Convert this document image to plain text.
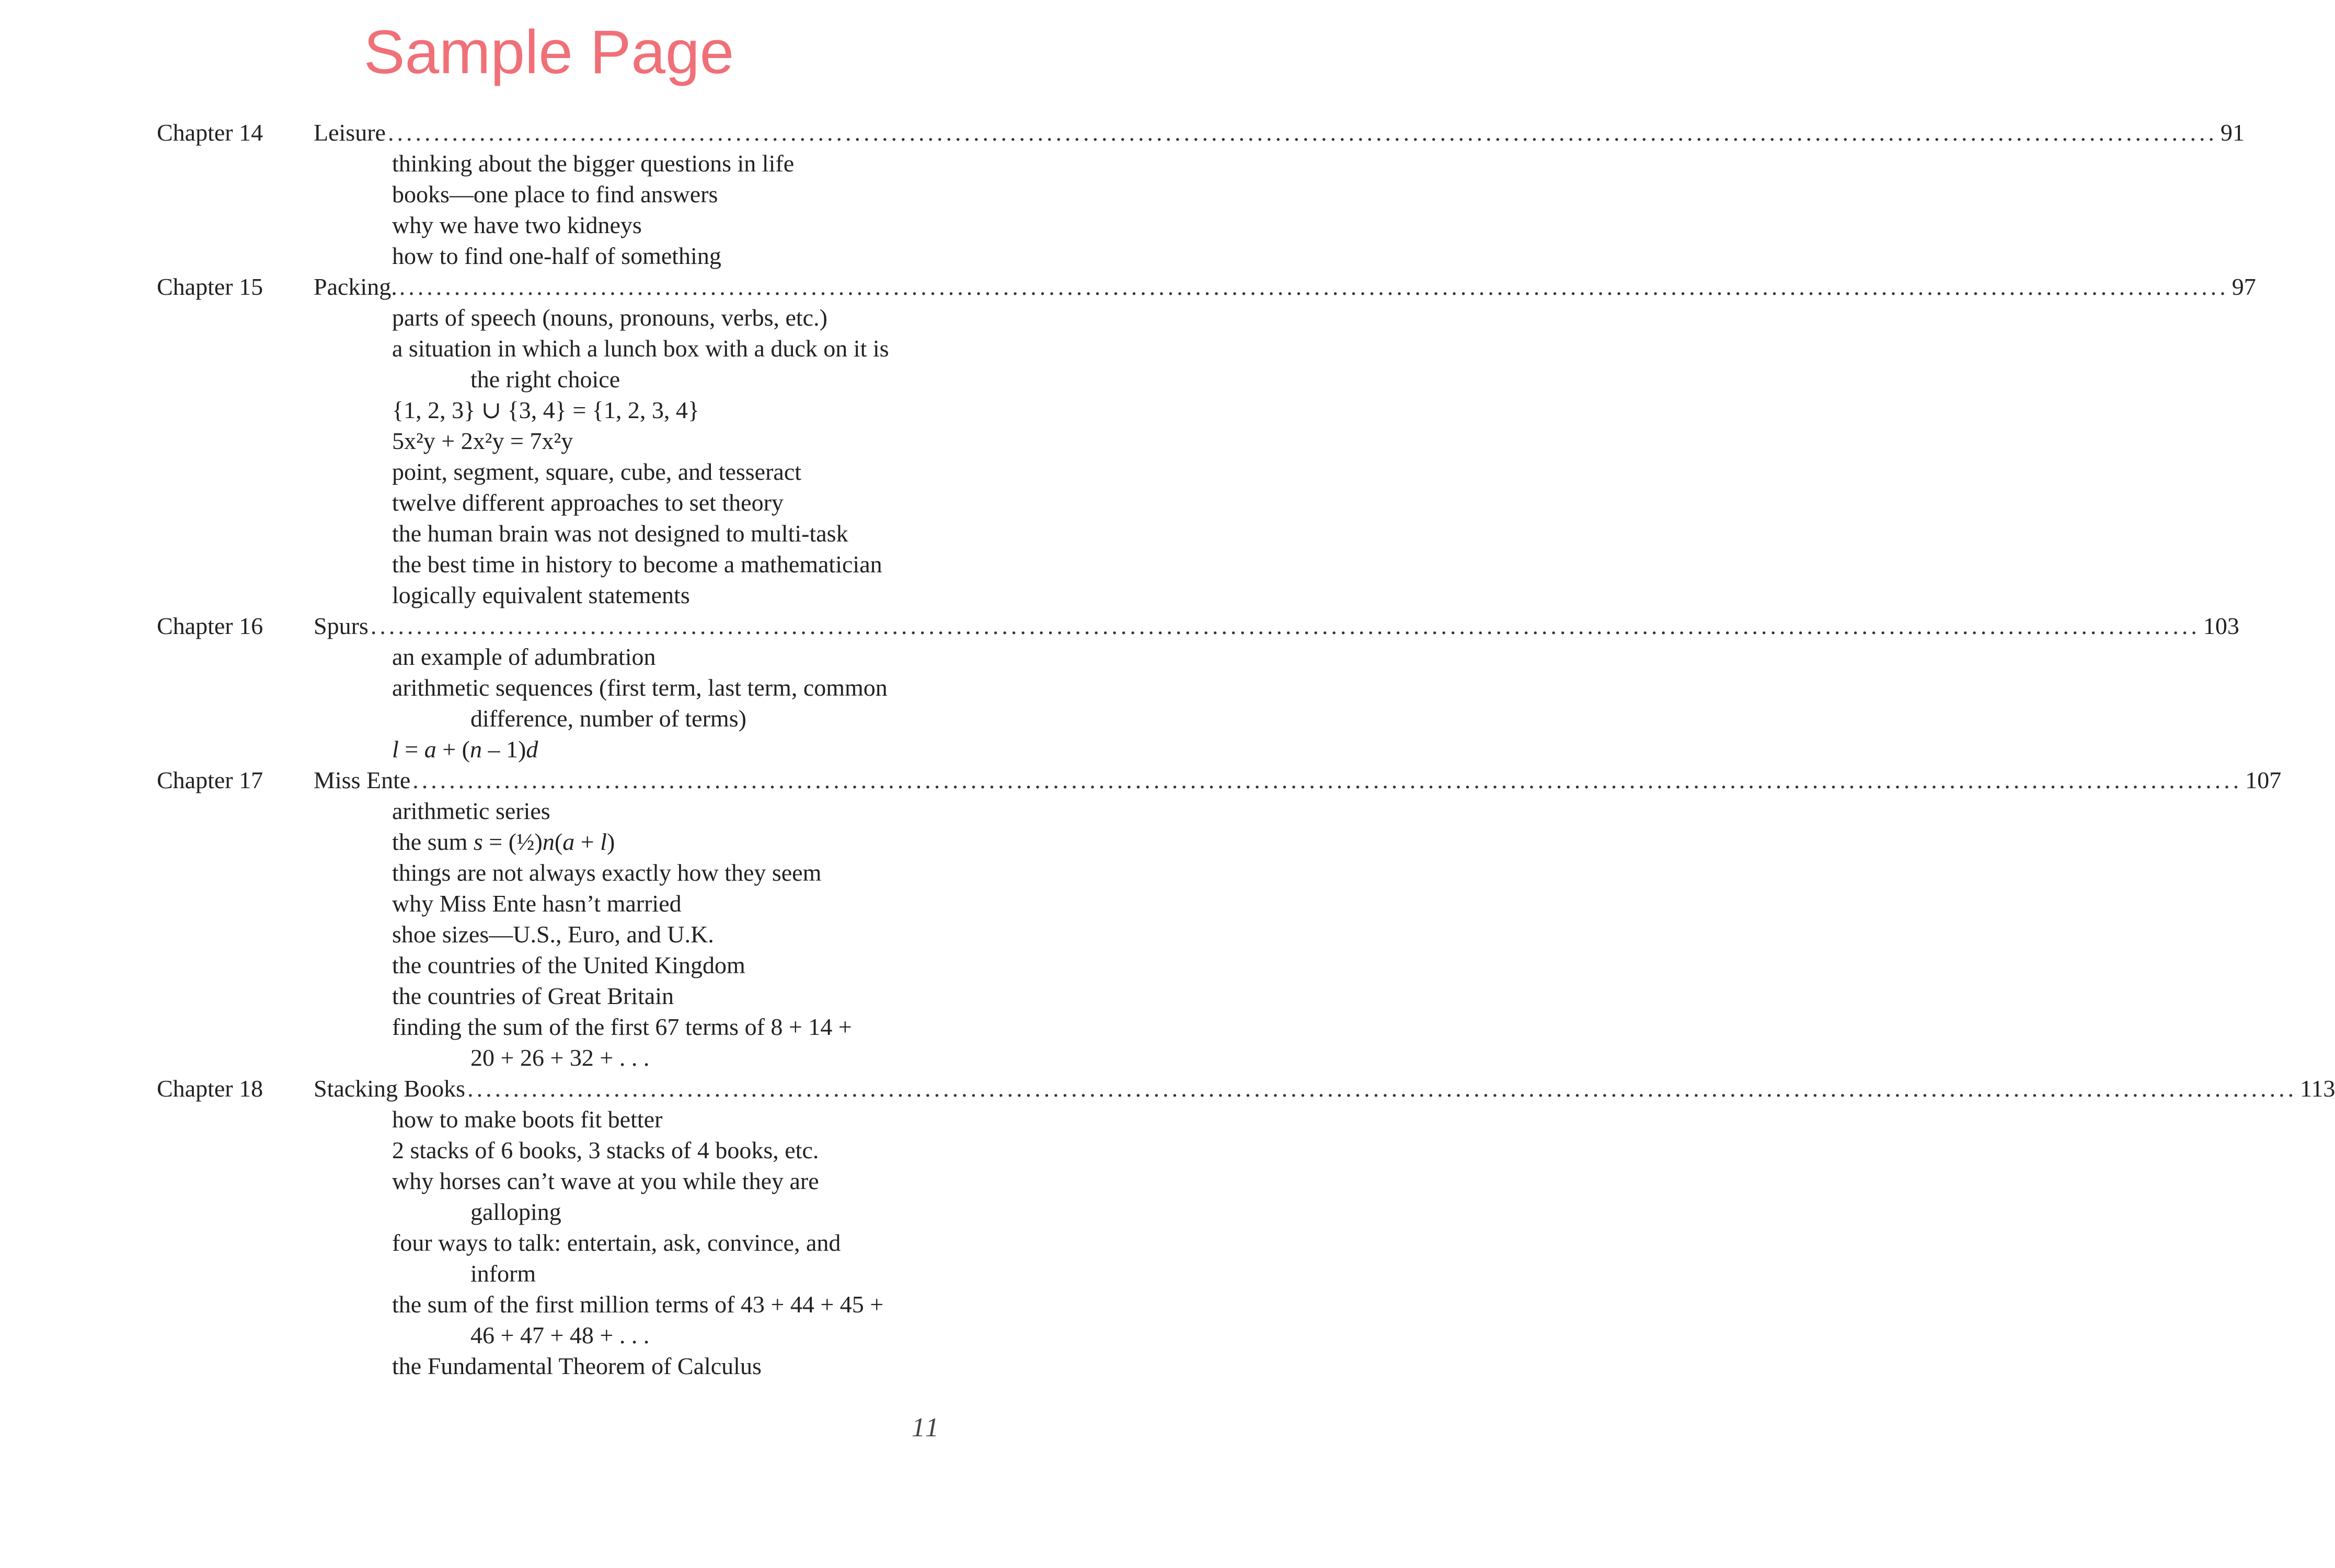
Sample Page
Chapter 14	Leisure ........................................................................................................................................................................................................ 91
thinking about the bigger questions in life
books—one place to find answers
why we have two kidneys
how to find one-half of something
Chapter 15	Packing. ........................................................................................................................................................................................................ 97
parts of speech (nouns, pronouns, verbs, etc.)
a situation in which a lunch box with a duck on it is
the right choice
{1, 2, 3} ∪ {3, 4} = {1, 2, 3, 4}
5x²y + 2x²y = 7x²y
point, segment, square, cube, and tesseract
twelve different approaches to set theory
the human brain was not designed to multi-task
the best time in history to become a mathematician
logically equivalent statements
Chapter 16	Spurs ........................................................................................................................................................................................................ 103
an example of adumbration
arithmetic sequences (first term, last term, common
difference, number of terms)
l = a + (n – 1)d
Chapter 17	Miss Ente ........................................................................................................................................................................................................ 107
arithmetic series
the sum s = (½)n(a + l)
things are not always exactly how they seem
why Miss Ente hasn’t married
shoe sizes—U.S., Euro, and U.K.
the countries of the United Kingdom
the countries of Great Britain
finding the sum of the first 67 terms of 8 + 14 +
20 + 26 + 32 + . . .
Chapter 18	Stacking Books ........................................................................................................................................................................................................ 113
how to make boots fit better
2 stacks of 6 books, 3 stacks of 4 books, etc.
why horses can’t wave at you while they are
galloping
four ways to talk: entertain, ask, convince, and
inform
the sum of the first million terms of 43 + 44 + 45 +
46 + 47 + 48 + . . .
the Fundamental Theorem of Calculus
11
